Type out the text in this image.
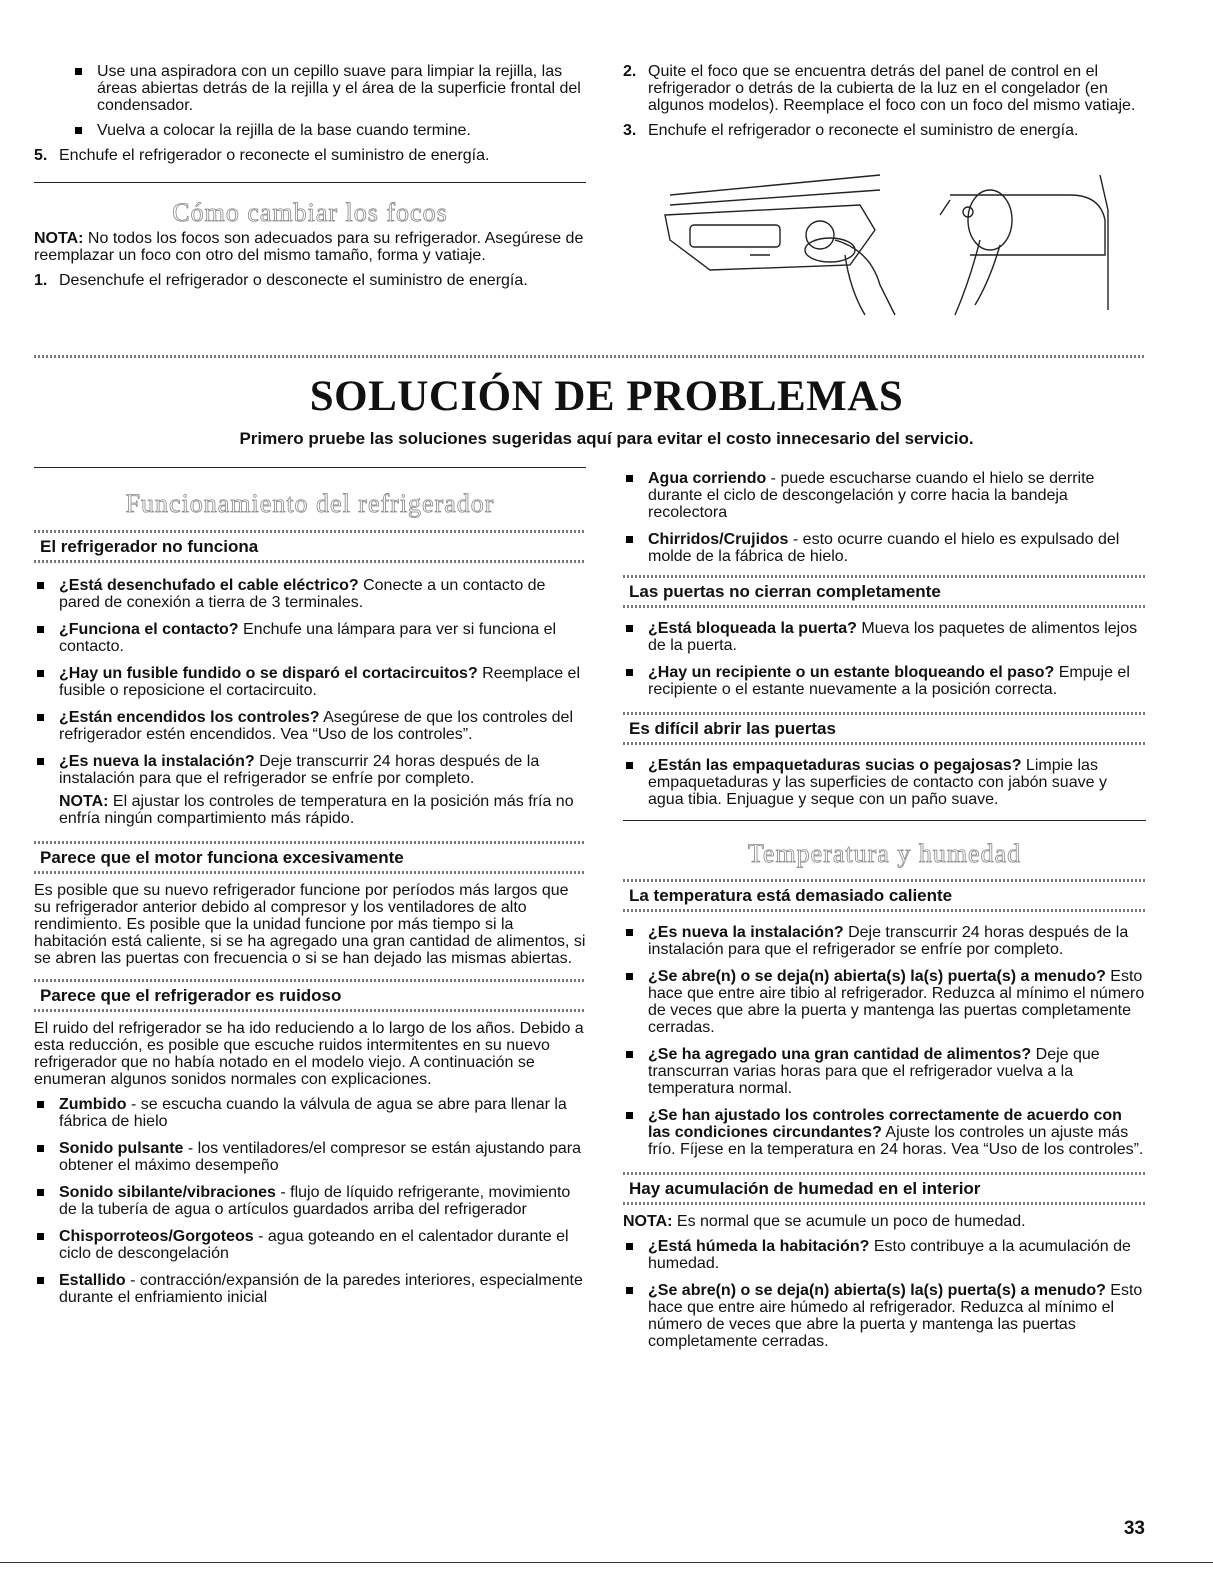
Use una aspiradora con un cepillo suave para limpiar la rejilla, las áreas abiertas detrás de la rejilla y el área de la superficie frontal del condensador.
Vuelva a colocar la rejilla de la base cuando termine.
5. Enchufe el refrigerador o reconecte el suministro de energía.
Cómo cambiar los focos

NOTA: No todos los focos son adecuados para su refrigerador. Asegúrese de reemplazar un foco con otro del mismo tamaño, forma y vatiaje.

1. Desenchufe el refrigerador o desconecte el suministro de energía.
2. Quite el foco que se encuentra detrás del panel de control en el refrigerador o detrás de la cubierta de la luz en el congelador (en algunos modelos). Reemplace el foco con un foco del mismo vatiaje.
3. Enchufe el refrigerador o reconecte el suministro de energía.
SOLUCIÓN DE PROBLEMAS
Primero pruebe las soluciones sugeridas aquí para evitar el costo innecesario del servicio.
Funcionamiento del refrigerador
El refrigerador no funciona
¿Está desenchufado el cable eléctrico? Conecte a un contacto de pared de conexión a tierra de 3 terminales.
¿Funciona el contacto? Enchufe una lámpara para ver si funciona el contacto.
¿Hay un fusible fundido o se disparó el cortacircuitos? Reemplace el fusible o reposicione el cortacircuito.
¿Están encendidos los controles? Asegúrese de que los controles del refrigerador estén encendidos. Vea “Uso de los controles”.
¿Es nueva la instalación? Deje transcurrir 24 horas después de la instalación para que el refrigerador se enfríe por completo.

NOTA: El ajustar los controles de temperatura en la posición más fría no enfría ningún compartimiento más rápido.

Parece que el motor funciona excesivamente

Es posible que su nuevo refrigerador funcione por períodos más largos que su refrigerador anterior debido al compresor y los ventiladores de alto rendimiento. Es posible que la unidad funcione por más tiempo si la habitación está caliente, si se ha agregado una gran cantidad de alimentos, si se abren las puertas con frecuencia o si se han dejado las mismas abiertas.

Parece que el refrigerador es ruidoso

El ruido del refrigerador se ha ido reduciendo a lo largo de los años. Debido a esta reducción, es posible que escuche ruidos intermitentes en su nuevo refrigerador que no había notado en el modelo viejo. A continuación se enumeran algunos sonidos normales con explicaciones.

Zumbido - se escucha cuando la válvula de agua se abre para llenar la fábrica de hielo
Sonido pulsante - los ventiladores/el compresor se están ajustando para obtener el máximo desempeño
Sonido sibilante/vibraciones - flujo de líquido refrigerante, movimiento de la tubería de agua o artículos guardados arriba del refrigerador
Chisporroteos/Gorgoteos - agua goteando en el calentador durante el ciclo de descongelación
Estallido - contracción/expansión de la paredes interiores, especialmente durante el enfriamiento inicial
Agua corriendo - puede escucharse cuando el hielo se derrite durante el ciclo de descongelación y corre hacia la bandeja recolectora
Chirridos/Crujidos - esto ocurre cuando el hielo es expulsado del molde de la fábrica de hielo.
Las puertas no cierran completamente
¿Está bloqueada la puerta? Mueva los paquetes de alimentos lejos de la puerta.
¿Hay un recipiente o un estante bloqueando el paso? Empuje el recipiente o el estante nuevamente a la posición correcta.
Es difícil abrir las puertas
¿Están las empaquetaduras sucias o pegajosas? Limpie las empaquetaduras y las superficies de contacto con jabón suave y agua tibia. Enjuague y seque con un paño suave.
Temperatura y humedad
La temperatura está demasiado caliente
¿Es nueva la instalación? Deje transcurrir 24 horas después de la instalación para que el refrigerador se enfríe por completo.
¿Se abre(n) o se deja(n) abierta(s) la(s) puerta(s) a menudo? Esto hace que entre aire tibio al refrigerador. Reduzca al mínimo el número de veces que abre la puerta y mantenga las puertas completamente cerradas.
¿Se ha agregado una gran cantidad de alimentos? Deje que transcurran varias horas para que el refrigerador vuelva a la temperatura normal.
¿Se han ajustado los controles correctamente de acuerdo con las condiciones circundantes? Ajuste los controles un ajuste más frío. Fíjese en la temperatura en 24 horas. Vea “Uso de los controles”.
Hay acumulación de humedad en el interior

NOTA: Es normal que se acumule un poco de humedad.

¿Está húmeda la habitación? Esto contribuye a la acumulación de humedad.
¿Se abre(n) o se deja(n) abierta(s) la(s) puerta(s) a menudo? Esto hace que entre aire húmedo al refrigerador. Reduzca al mínimo el número de veces que abre la puerta y mantenga las puertas completamente cerradas.
33
